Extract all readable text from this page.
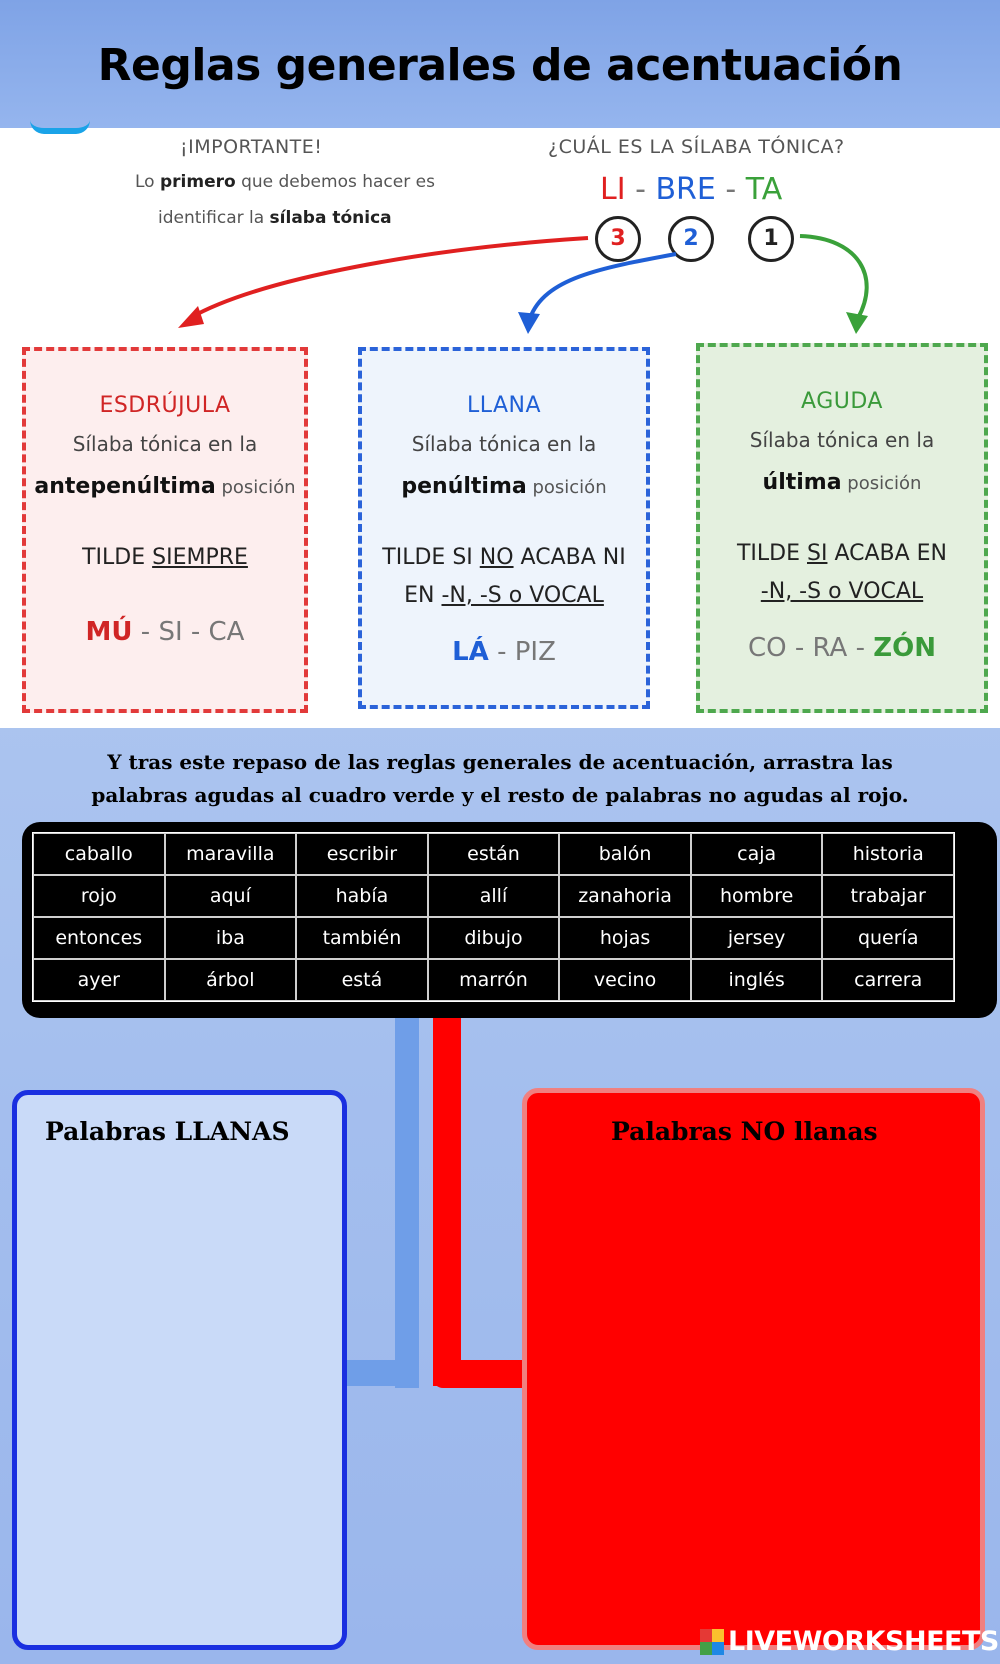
Reglas generales de acentuación
¡IMPORTANTE!
Lo primero que debemos hacer es
identificar la sílaba tónica
¿CUÁL ES LA SÍLABA TÓNICA?
LI - BRE - TA
3	2	1
ESDRÚJULA
Sílaba tónica en la
antepenúltima posición
TILDE SIEMPRE
MÚ - SI - CA
LLANA
Sílaba tónica en la
penúltima posición
TILDE SI NO ACABA NI
EN -N, -S o VOCAL
LÁ - PIZ
AGUDA
Sílaba tónica en la
última posición
TILDE SI ACABA EN
-N, -S o VOCAL
CO - RA - ZÓN
Y tras este repaso de las reglas generales de acentuación, arrastra las
palabras agudas al cuadro verde y el resto de palabras no agudas al rojo.
caballo	maravilla	escribir	están	balón	caja	historia
rojo	aquí	había	allí	zanahoria	hombre	trabajar
entonces	iba	también	dibujo	hojas	jersey	quería
ayer	árbol	está	marrón	vecino	inglés	carrera
Palabras LLANAS	Palabras NO llanas
LIVEWORKSHEETS
